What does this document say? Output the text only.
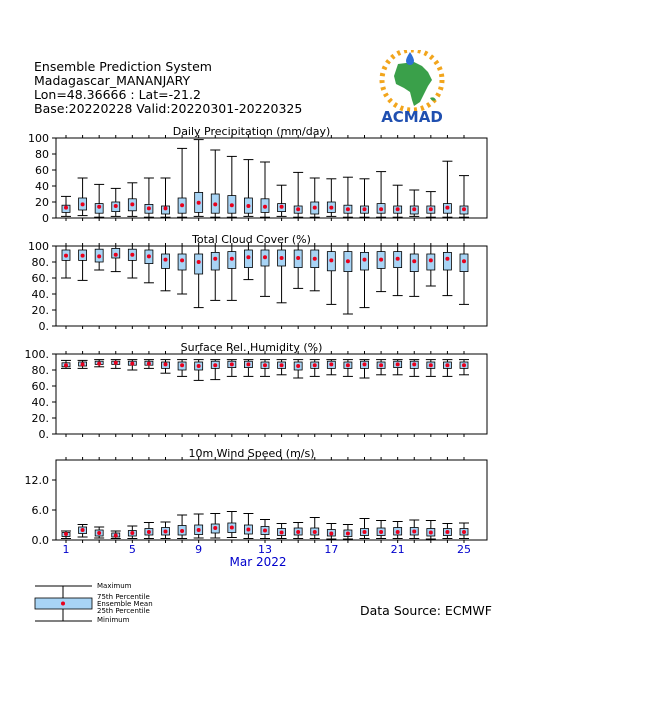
Ensemble Prediction System
Madagascar_MANANJARY
Lon=48.36666 : Lat=-21.2
Base:20220228 Valid:20220301-20220325	ACMAD
0
20
40
60
80
100
Daily Precipitation (mm/day)
0.
20.
40.
60.
80.
100
Total Cloud Cover (%)
0.
20.
40.
60.
80.
100.
Surface Rel. Humidity (%)
0.0
6.0
12.0
10m Wind Speed (m/s)
1	5	9	13	17	21	25
Mar 2022
Maximum
75th Percentile
Ensemble Mean
25th Percentile
Minimum
Data Source: ECMWF
